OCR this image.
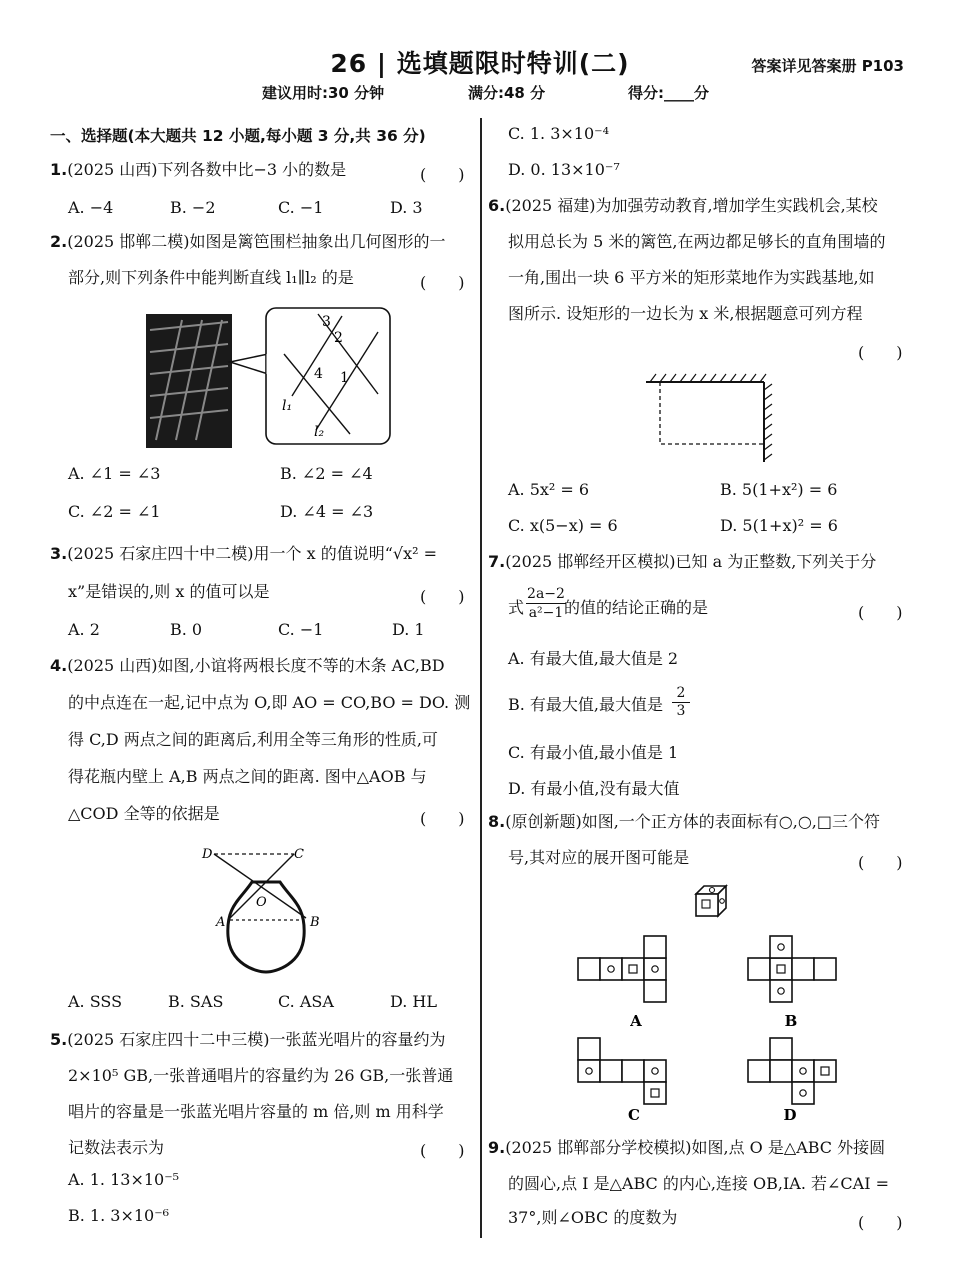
26 | 选填题限时特训(二)	答案详见答案册 P103
建议用时:30 分钟	满分:48 分	得分:____分
一、选择题(本大题共 12 小题,每小题 3 分,共 36 分)
1.(2025 山西)下列各数中比−3 小的数是	(　　)
A. −4	B. −2	C. −1	D. 3
2.(2025 邯郸二模)如图是篱笆围栏抽象出几何图形的一
部分,则下列条件中能判断直线 l₁∥l₂ 的是	(　　)
3
2
4 1
l₁
l₂
A. ∠1 = ∠3	B. ∠2 = ∠4
C. ∠2 = ∠1	D. ∠4 = ∠3
3.(2025 石家庄四十中二模)用一个 x 的值说明“√x² =
x”是错误的,则 x 的值可以是	(　　)
A. 2	B. 0	C. −1	D. 1
4.(2025 山西)如图,小谊将两根长度不等的木条 AC,BD
的中点连在一起,记中点为 O,即 AO = CO,BO = DO. 测
得 C,D 两点之间的距离后,利用全等三角形的性质,可
得花瓶内壁上 A,B 两点之间的距离. 图中△AOB 与
△COD 全等的依据是	(　　)
D	C
O
A	B
A. SSS	B. SAS	C. ASA	D. HL
5.(2025 石家庄四十二中三模)一张蓝光唱片的容量约为
2×10⁵ GB,一张普通唱片的容量约为 26 GB,一张普通
唱片的容量是一张蓝光唱片容量的 m 倍,则 m 用科学
记数法表示为	(　　)
A. 1. 13×10⁻⁵
B. 1. 3×10⁻⁶
C. 1. 3×10⁻⁴
D. 0. 13×10⁻⁷
6.(2025 福建)为加强劳动教育,增加学生实践机会,某校
拟用总长为 5 米的篱笆,在两边都足够长的直角围墙的
一角,围出一块 6 平方米的矩形菜地作为实践基地,如
图所示. 设矩形的一边长为 x 米,根据题意可列方程
(　　)
A. 5x² = 6	B. 5(1+x²) = 6
C. x(5−x) = 6	D. 5(1+x)² = 6
7.(2025 邯郸经开区模拟)已知 a 为正整数,下列关于分
式 $\frac{2a-2}{\text{a²−1}}$
的值的结论正确的是	(　　)
A. 有最大值,最大值是 2
B. 有最大值,最大值是
2
3
C. 有最小值,最小值是 1
D. 有最小值,没有最大值
8.(原创新题)如图,一个正方体的表面标有○,○,□三个符
号,其对应的展开图可能是	(　　)
A	B
C	D
9.(2025 邯郸部分学校模拟)如图,点 O 是△ABC 外接圆
的圆心,点 I 是△ABC 的内心,连接 OB,IA. 若∠CAI =
37°,则∠OBC 的度数为	(　　)
